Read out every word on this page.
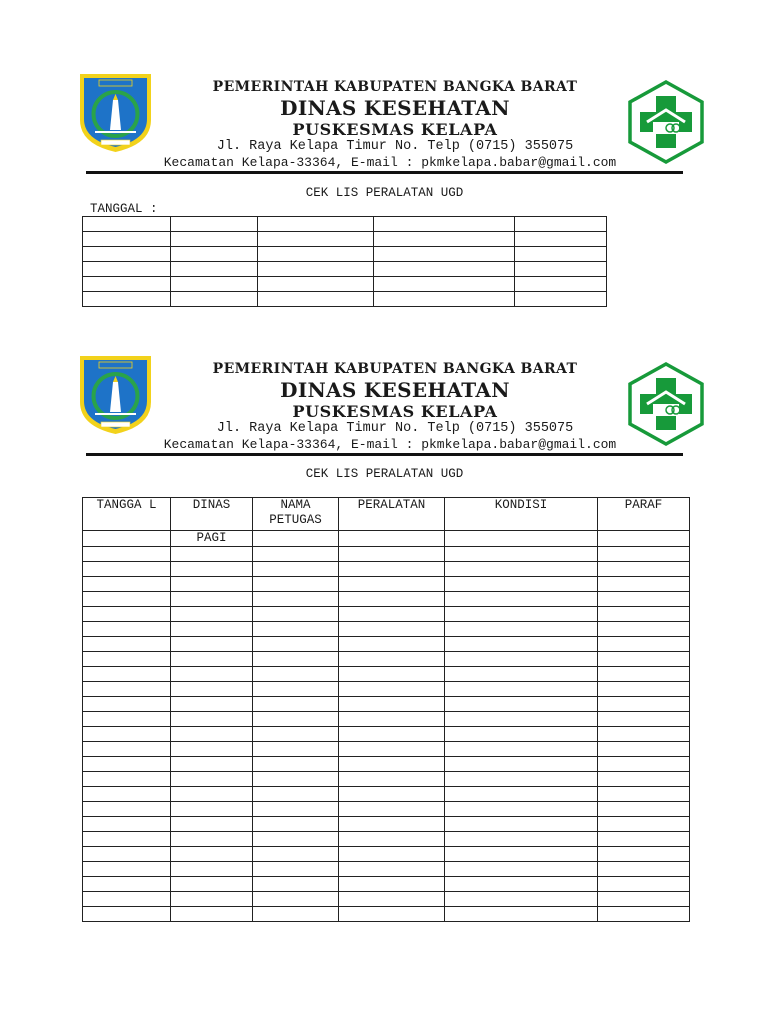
PEMERINTAH KABUPATEN BANGKA BARAT
DINAS KESEHATAN
PUSKESMAS KELAPA
Jl. Raya Kelapa Timur No. Telp (0715) 355075
Kecamatan Kelapa-33364, E-mail : pkmkelapa.babar@gmail.com
CEK LIS PERALATAN UGD
TANGGAL :

PEMERINTAH KABUPATEN BANGKA BARAT
DINAS KESEHATAN
PUSKESMAS KELAPA
Jl. Raya Kelapa Timur No. Telp (0715) 355075
Kecamatan Kelapa-33364, E-mail : pkmkelapa.babar@gmail.com
CEK LIS PERALATAN UGD
TANGGA L	DINAS	NAMA PETUGAS	PERALATAN	KONDISI	PARAF
	PAGI				
